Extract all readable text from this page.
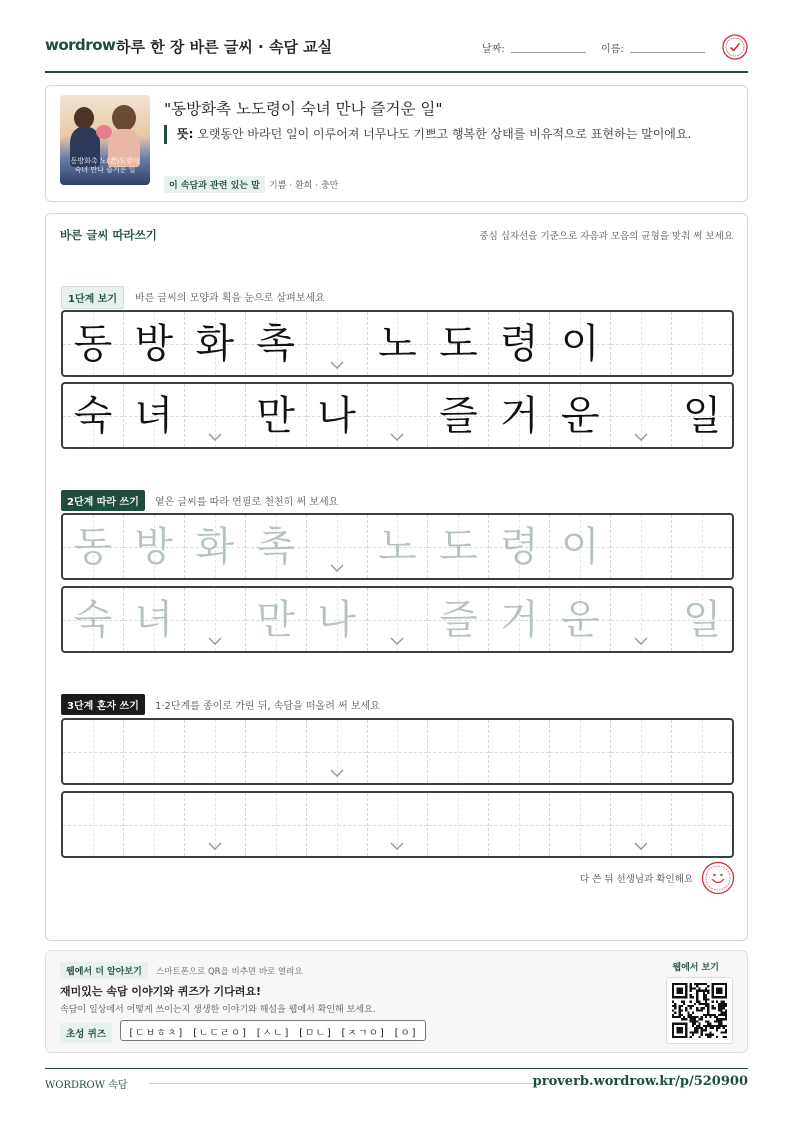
wordrow 하루 한 장 바른 글씨 · 속담 교실	날짜:	이름:
동방화촉 노(老)도령이
숙녀 만나 즐거운 일
"동방화촉 노도령이 숙녀 만나 즐거운 일"
뜻: 오랫동안 바라던 일이 이루어져 너무나도 기쁘고 행복한 상태를 비유적으로 표현하는 말이에요.
이 속담과 관련 있는 말	기쁨 · 환희 · 충만
바른 글씨 따라쓰기	중심 십자선을 기준으로 자음과 모음의 균형을 맞춰 써 보세요
1단계 보기	바른 글씨의 모양과 획을 눈으로 살펴보세요
동 방 화 촉 노 도 령 이
숙 녀 만 나 즐 거 운 일
2단계 따라 쓰기	옅은 글씨를 따라 연필로 천천히 써 보세요
동 방 화 촉 노 도 령 이
숙 녀 만 나 즐 거 운 일
3단계 혼자 쓰기	1·2단계를 종이로 가린 뒤, 속담을 떠올려 써 보세요
다 쓴 뒤 선생님과 확인해요
웹에서 더 알아보기	스마트폰으로 QR을 비추면 바로 열려요
재미있는 속담 이야기와 퀴즈가 기다려요!
속담이 일상에서 어떻게 쓰이는지 생생한 이야기와 해설을 웹에서 확인해 보세요.
초성 퀴즈	[ㄷㅂㅎㅊ] [ㄴㄷㄹㅇ] [ㅅㄴ] [ㅁㄴ] [ㅈㄱㅇ] [ㅇ]
웹에서 보기
WORDROW 속담	proverb.wordrow.kr/p/520900
